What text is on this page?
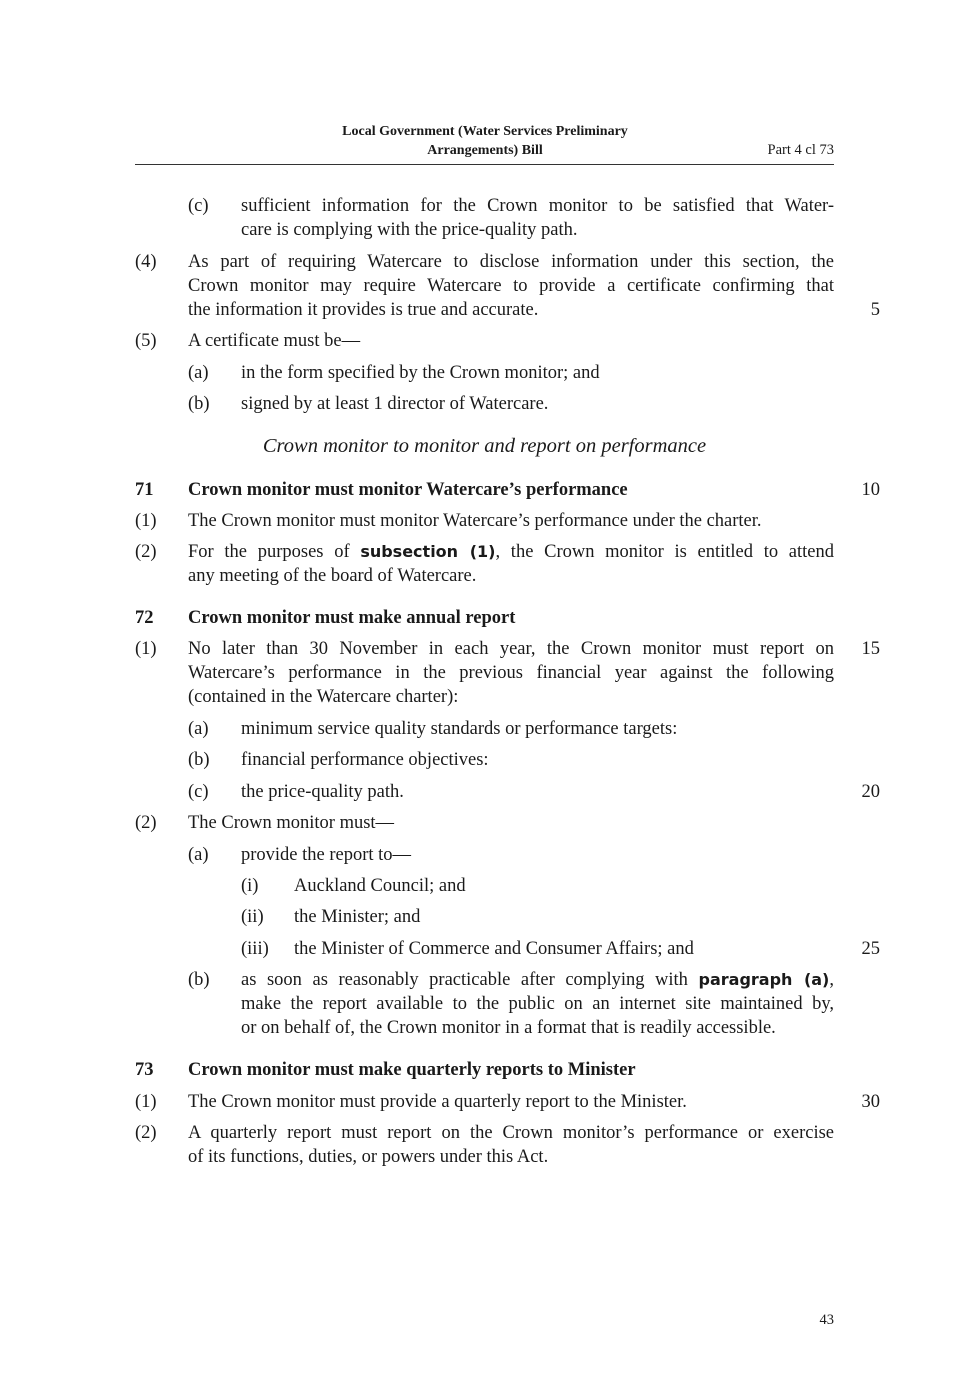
Local Government (Water Services Preliminary
Arrangements) Bill	Part 4 cl 73
(c) sufficient information for the Crown monitor to be satisfied that Water-
care is complying with the price-quality path.
(4) As part of requiring Watercare to disclose information under this section, the
Crown monitor may require Watercare to provide a certificate confirming that
the information it provides is true and accurate.	5
(5) A certificate must be—
(a) in the form specified by the Crown monitor; and
(b) signed by at least 1 director of Watercare.
Crown monitor to monitor and report on performance
71 Crown monitor must monitor Watercare’s performance	10
(1) The Crown monitor must monitor Watercare’s performance under the charter.
(2) For the purposes of subsection (1), the Crown monitor is entitled to attend
any meeting of the board of Watercare.
72 Crown monitor must make annual report
(1) No later than 30 November in each year, the Crown monitor must report on	15
Watercare’s performance in the previous financial year against the following
(contained in the Watercare charter):
(a) minimum service quality standards or performance targets:
(b) financial performance objectives:
(c) the price-quality path.	20
(2) The Crown monitor must—
(a) provide the report to—
(i) Auckland Council; and
(ii) the Minister; and
(iii) the Minister of Commerce and Consumer Affairs; and	25
(b) as soon as reasonably practicable after complying with paragraph (a),
make the report available to the public on an internet site maintained by,
or on behalf of, the Crown monitor in a format that is readily accessible.
73 Crown monitor must make quarterly reports to Minister
(1) The Crown monitor must provide a quarterly report to the Minister.	30
(2) A quarterly report must report on the Crown monitor’s performance or exercise
of its functions, duties, or powers under this Act.
43
